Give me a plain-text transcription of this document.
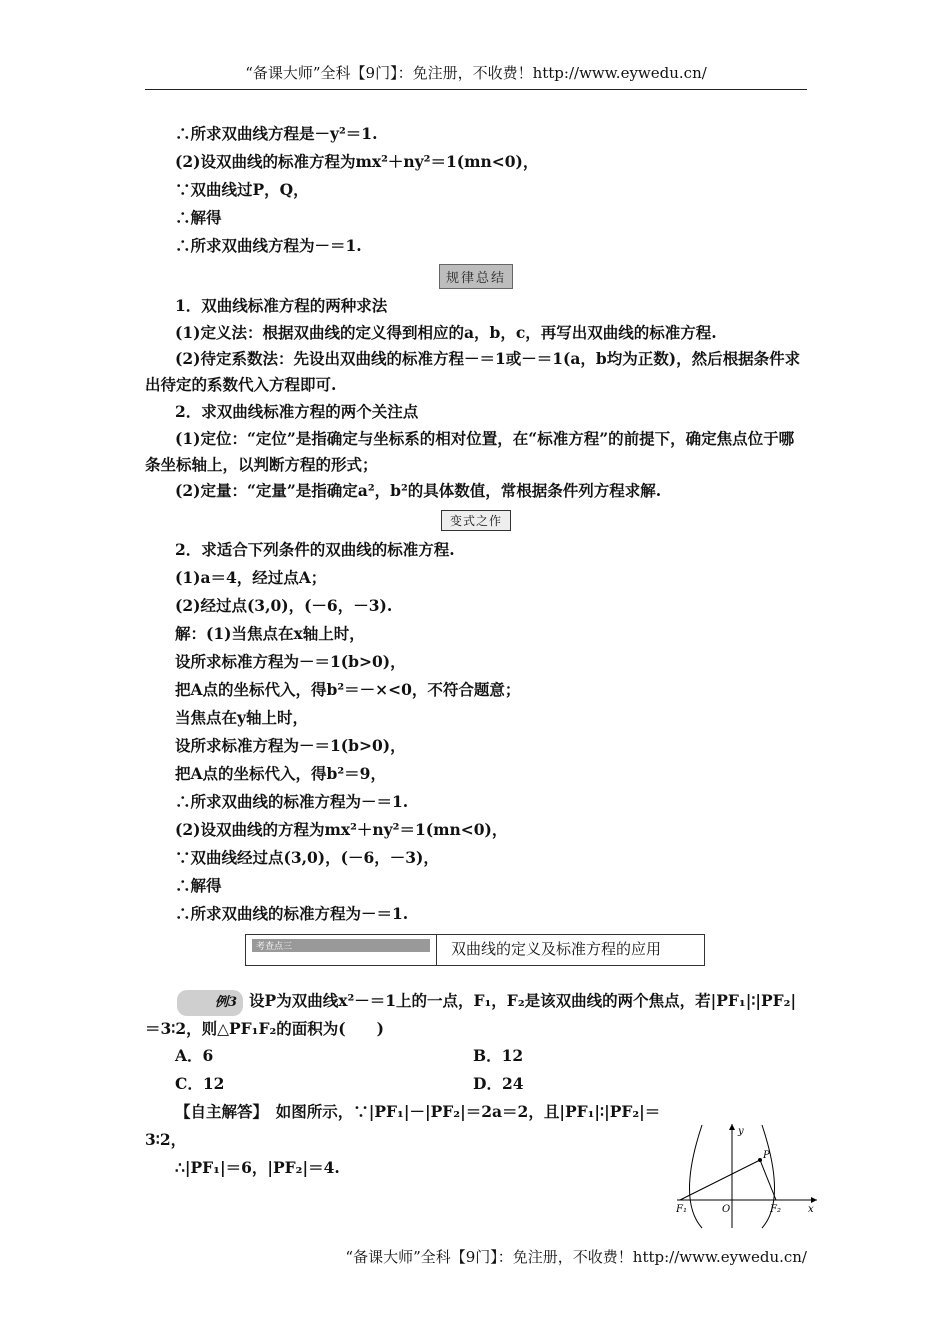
“备课大师”全科【9门】：免注册，不收费！http://www.eywedu.cn/
∴所求双曲线方程是－y²＝1.
(2)设双曲线的标准方程为mx²＋ny²＝1(mn<0)，
∵双曲线过P，Q，
∴解得
∴所求双曲线方程为－＝1.
规律总结
1．双曲线标准方程的两种求法

(1)定义法：根据双曲线的定义得到相应的a，b，c，再写出双曲线的标准方程.

(2)待定系数法：先设出双曲线的标准方程－＝1或－＝1(a，b均为正数)，然后根据条件求出待定的系数代入方程即可.

2．求双曲线标准方程的两个关注点

(1)定位：“定位”是指确定与坐标系的相对位置，在“标准方程”的前提下，确定焦点位于哪条坐标轴上，以判断方程的形式；

(2)定量：“定量”是指确定a²，b²的具体数值，常根据条件列方程求解.

变式之作
2．求适合下列条件的双曲线的标准方程.
(1)a＝4，经过点A；
(2)经过点(3,0)，(－6，－3).
解：(1)当焦点在x轴上时，
设所求标准方程为－＝1(b>0)，
把A点的坐标代入，得b²＝－×<0，不符合题意；
当焦点在y轴上时，
设所求标准方程为－＝1(b>0)，
把A点的坐标代入，得b²＝9，
∴所求双曲线的标准方程为－＝1.
(2)设双曲线的方程为mx²＋ny²＝1(mn<0)，
∵双曲线经过点(3,0)，(－6，－3)，
∴解得
∴所求双曲线的标准方程为－＝1.
考查点三	双曲线的定义及标准方程的应用

例3 设P为双曲线x²－＝1上的一点，F₁，F₂是该双曲线的两个焦点，若|PF₁|∶|PF₂|＝3∶2，则△PF₁F₂的面积为(　　)

A．6	B．12
C．12	D．24
【自主解答】　如图所示，∵|PF₁|－|PF₂|＝2a＝2，且|PF₁|∶|PF₂|＝
3∶2，
∴|PF₁|＝6，|PF₂|＝4.
y
x
P
O
F₁	F₂
“备课大师”全科【9门】：免注册，不收费！http://www.eywedu.cn/
